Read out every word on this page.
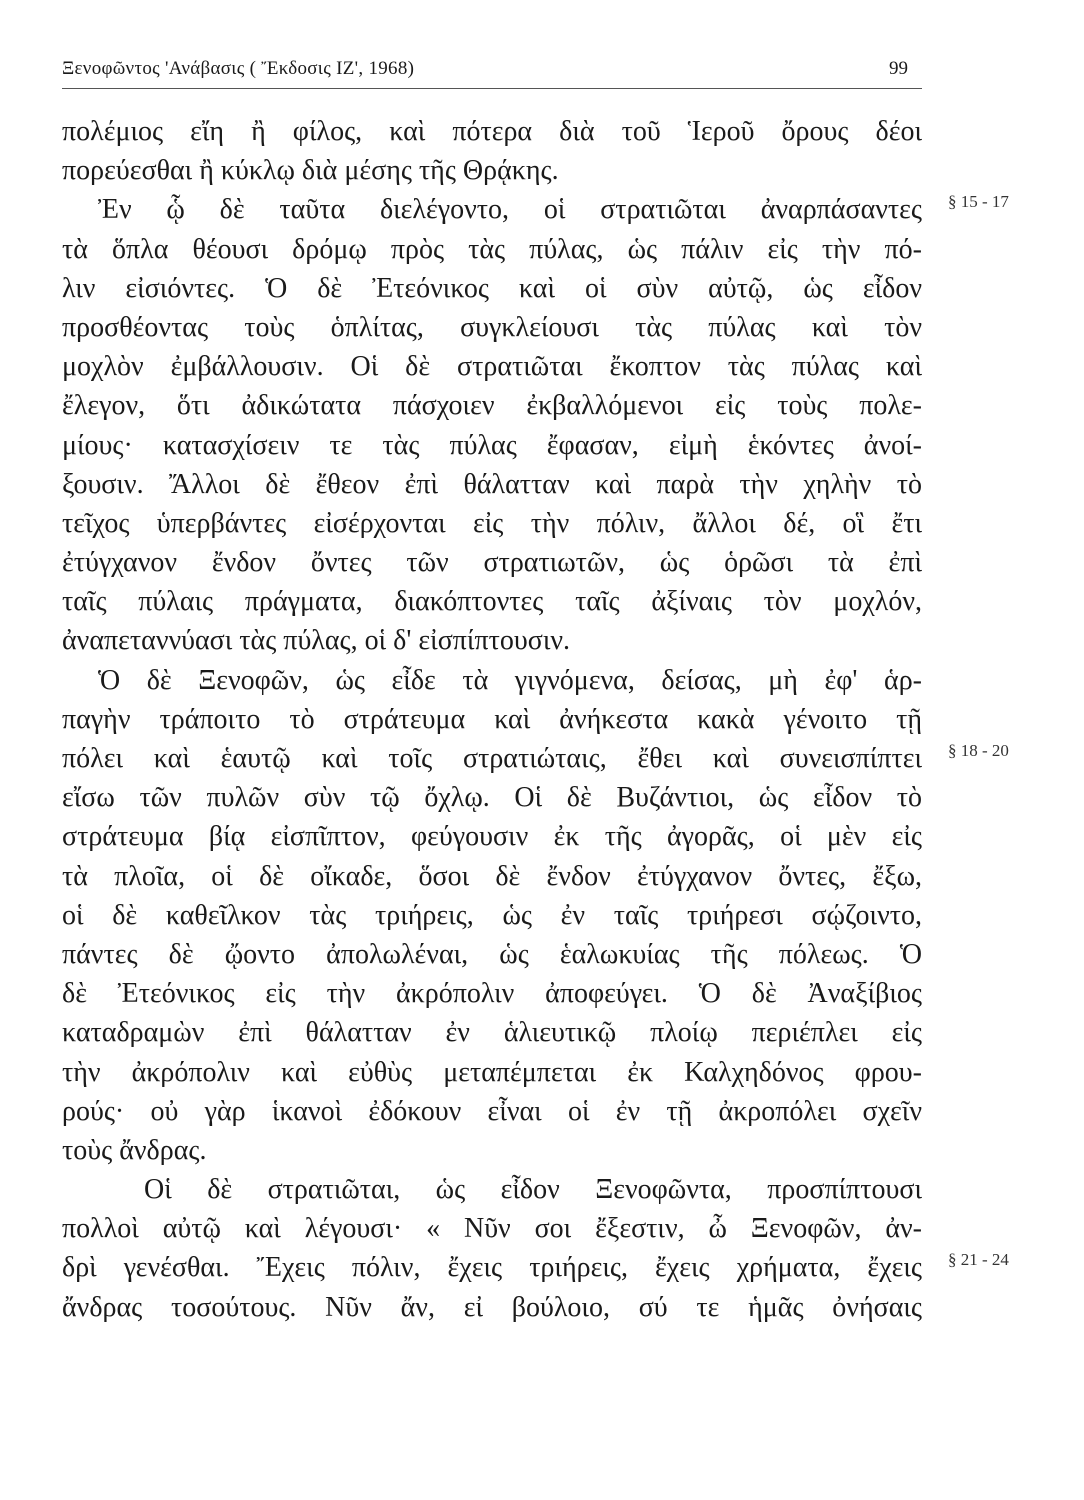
Ξενοφῶντος 'Ανάβασις ( Ἔκδοσις ΙΖ', 1968)	99
§ 15 - 17
§ 18 - 20
§ 21 - 24
πολέμιος εἴη ἢ φίλος, καὶ πότερα διὰ τοῦ Ἱεροῦ ὄρους δέοι
πορεύεσθαι ἢ κύκλῳ διὰ μέσης τῆς Θρᾴκης.
Ἐν ᾧ δὲ ταῦτα διελέγοντο, οἱ στρατιῶται ἀναρπάσαντες
τὰ ὅπλα θέουσι δρόμῳ πρὸς τὰς πύλας, ὡς πάλιν εἰς τὴν πό-
λιν εἰσιόντες. Ὁ δὲ Ἐτεόνικος καὶ οἱ σὺν αὐτῷ, ὡς εἶδον
προσθέοντας τοὺς ὁπλίτας, συγκλείουσι τὰς πύλας καὶ τὸν
μοχλὸν ἐμβάλλουσιν. Οἱ δὲ στρατιῶται ἔκοπτον τὰς πύλας καὶ
ἔλεγον, ὅτι ἀδικώτατα πάσχοιεν ἐκβαλλόμενοι εἰς τοὺς πολε-
μίους· κατασχίσειν τε τὰς πύλας ἔφασαν, εἰμὴ ἑκόντες ἀνοί-
ξουσιν. Ἄλλοι δὲ ἔθεον ἐπὶ θάλατταν καὶ παρὰ τὴν χηλὴν τὸ
τεῖχος ὑπερβάντες εἰσέρχονται εἰς τὴν πόλιν, ἄλλοι δέ, οἳ ἔτι
ἐτύγχανον ἔνδον ὄντες τῶν στρατιωτῶν, ὡς ὁρῶσι τὰ ἐπὶ
ταῖς πύλαις πράγματα, διακόπτοντες ταῖς ἀξίναις τὸν μοχλόν,
ἀναπεταννύασι τὰς πύλας, οἱ δ' εἰσπίπτουσιν.
Ὁ δὲ Ξενοφῶν, ὡς εἶδε τὰ γιγνόμενα, δείσας, μὴ ἐφ' ἁρ-
παγὴν τράποιτο τὸ στράτευμα καὶ ἀνήκεστα κακὰ γένοιτο τῇ
πόλει καὶ ἑαυτῷ καὶ τοῖς στρατιώταις, ἔθει καὶ συνεισπίπτει
εἴσω τῶν πυλῶν σὺν τῷ ὄχλῳ. Οἱ δὲ Βυζάντιοι, ὡς εἶδον τὸ
στράτευμα βίᾳ εἰσπῖπτον, φεύγουσιν ἐκ τῆς ἀγορᾶς, οἱ μὲν εἰς
τὰ πλοῖα, οἱ δὲ οἴκαδε, ὅσοι δὲ ἔνδον ἐτύγχανον ὄντες, ἔξω,
οἱ δὲ καθεῖλκον τὰς τριήρεις, ὡς ἐν ταῖς τριήρεσι σῴζοιντο,
πάντες δὲ ᾤοντο ἀπολωλέναι, ὡς ἑαλωκυίας τῆς πόλεως. Ὁ
δὲ Ἐτεόνικος εἰς τὴν ἀκρόπολιν ἀποφεύγει. Ὁ δὲ Ἀναξίβιος
καταδραμὼν ἐπὶ θάλατταν ἐν ἁλιευτικῷ πλοίῳ περιέπλει εἰς
τὴν ἀκρόπολιν καὶ εὐθὺς μεταπέμπεται ἐκ Καλχηδόνος φρου-
ρούς· οὐ γὰρ ἱκανοὶ ἐδόκουν εἶναι οἱ ἐν τῇ ἀκροπόλει σχεῖν
τοὺς ἄνδρας.
Οἱ δὲ στρατιῶται, ὡς εἶδον Ξενοφῶντα, προσπίπτουσι
πολλοὶ αὐτῷ καὶ λέγουσι· « Νῦν σοι ἔξεστιν, ὦ Ξενοφῶν, ἀν-
δρὶ γενέσθαι. Ἔχεις πόλιν, ἔχεις τριήρεις, ἔχεις χρήματα, ἔχεις
ἄνδρας τοσούτους. Νῦν ἄν, εἰ βούλοιο, σύ τε ἡμᾶς ὀνήσαις
